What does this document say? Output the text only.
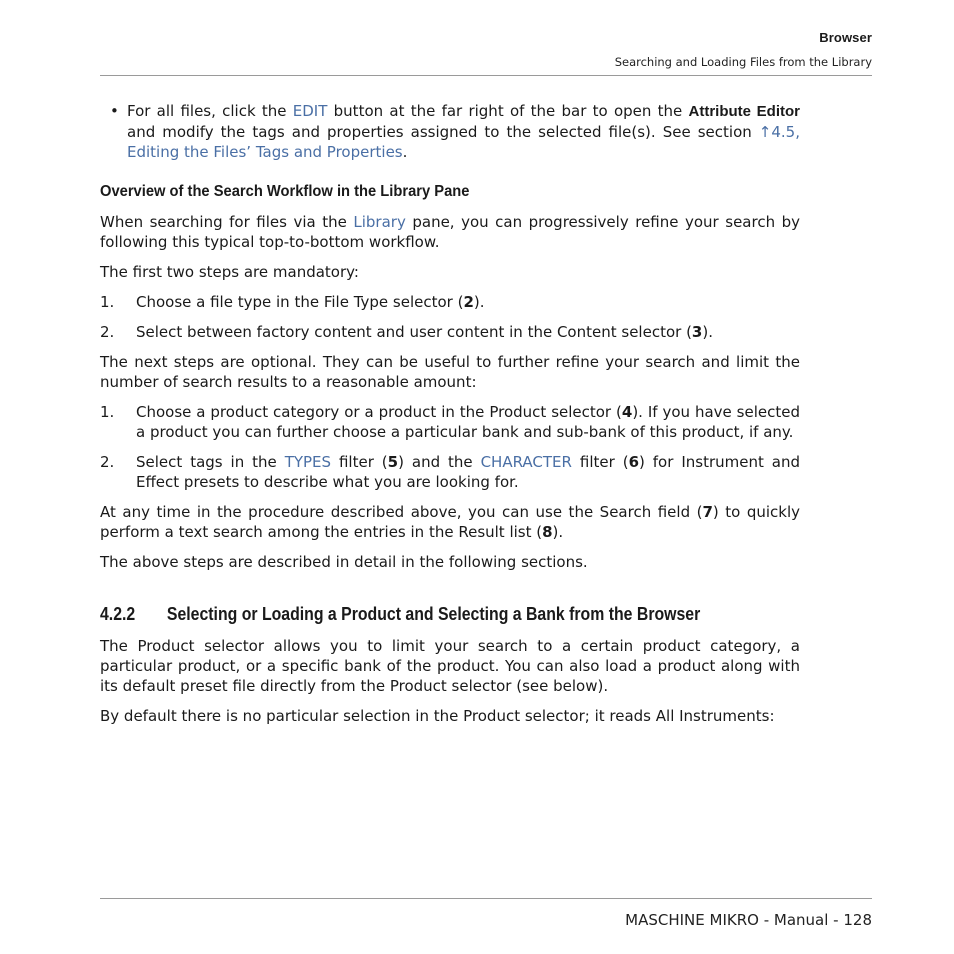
Browser
Searching and Loading Files from the Library
• For all files, click the EDIT button at the far right of the bar to open the Attribute Editor and modify the tags and properties assigned to the selected file(s). See section ↑4.5, Editing the Files’ Tags and Properties.
Overview of the Search Workflow in the Library Pane

When searching for files via the Library pane, you can progressively refine your search by following this typical top-to-bottom workflow.

The first two steps are mandatory:

1. Choose a file type in the File Type selector (2).
2. Select between factory content and user content in the Content selector (3).

The next steps are optional. They can be useful to further refine your search and limit the number of search results to a reasonable amount:

1. Choose a product category or a product in the Product selector (4). If you have selected a product you can further choose a particular bank and sub-bank of this product, if any.
2. Select tags in the TYPES filter (5) and the CHARACTER filter (6) for Instrument and Effect presets to describe what you are looking for.

At any time in the procedure described above, you can use the Search field (7) to quickly perform a text search among the entries in the Result list (8).

The above steps are described in detail in the following sections.

4.2.2 Selecting or Loading a Product and Selecting a Bank from the Browser

The Product selector allows you to limit your search to a certain product category, a particular product, or a specific bank of the product. You can also load a product along with its default preset file directly from the Product selector (see below).

By default there is no particular selection in the Product selector; it reads All Instruments:

MASCHINE MIKRO - Manual - 128
